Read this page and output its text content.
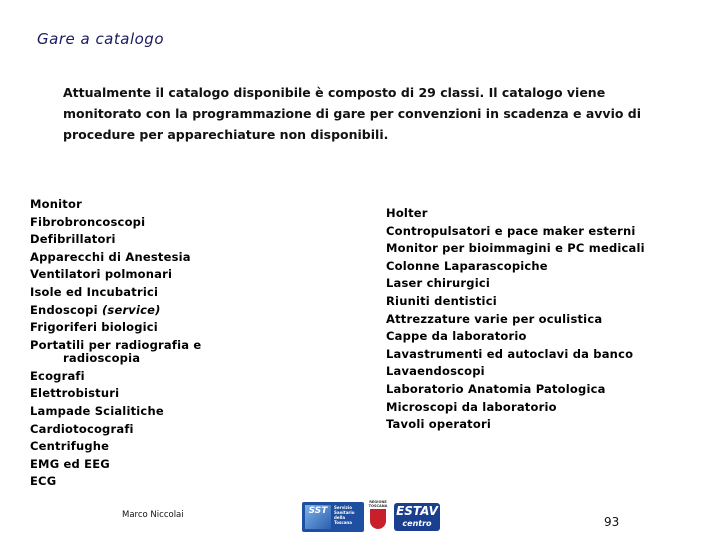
Gare a catalogo
Attualmente il catalogo disponibile è composto di 29 classi. Il catalogo viene monitorato con la programmazione di gare per convenzioni in scadenza e avvio di procedure per apparechiature non disponibili.
Monitor
Fibrobroncoscopi
Defibrillatori
Apparecchi di Anestesia
Ventilatori polmonari
Isole ed Incubatrici
Endoscopi (service)
Frigoriferi biologici
Portatili per radiografia e
radioscopia
Ecografi
Elettrobisturi
Lampade Scialitiche
Cardiotocografi
Centrifughe
EMG ed EEG
ECG
Holter
Contropulsatori e pace maker esterni
Monitor per bioimmagini e PC medicali
Colonne Laparascopiche
Laser chirurgici
Riuniti dentistici
Attrezzature varie per oculistica
Cappe da laboratorio
Lavastrumenti ed autoclavi da banco
Lavaendoscopi
Laboratorio Anatomia Patologica
Microscopi da laboratorio
Tavoli operatori
Marco Niccolai	SST	Servizio Sanitario della Toscana
REGIONE TOSCANA ESTAV
centro	93
